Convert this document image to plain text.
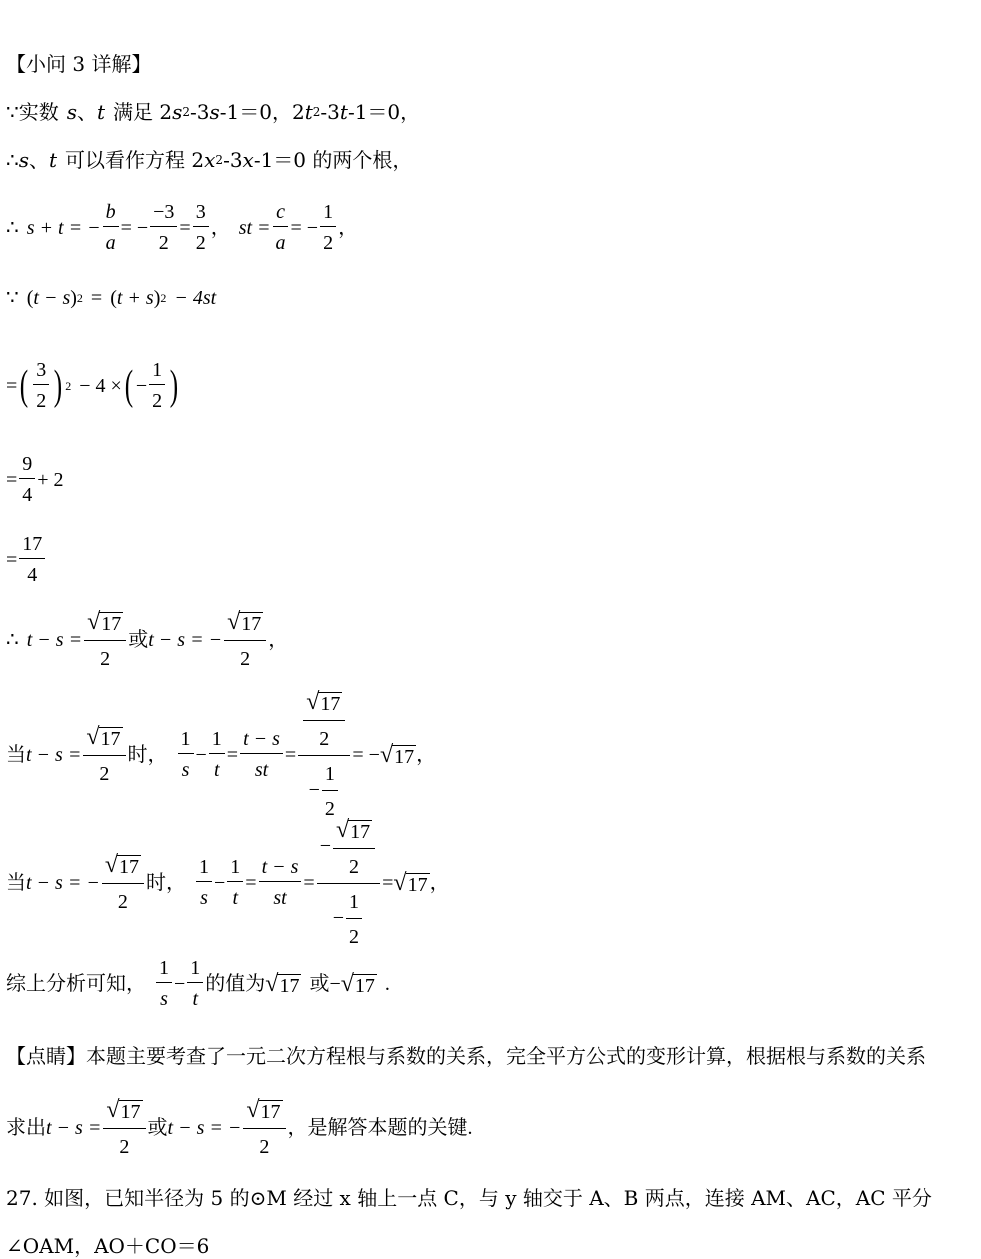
【小问 3 详解】
∵ 实数 s 、 t 满足 2 s 2 -3 s -1＝0，2 t 2 -3 t -1＝0，
∴ s 、 t 可以看作方程 2 x 2 -3 x -1＝0 的两个根，
∴ s + t = − $\frac{b}{a}$ = − $\frac{-3}{2} = \frac{3}{2}$ ， st = $\frac{c}{a}$ = − $\frac{1}{2}$ ，
∵ ( t − s ) 2 = ( t + s ) 2 − 4st
= ( $\frac{3}{2}$ ) 2 − 4 × ( − $\frac{1}{2}$ )
= $\frac{9}{4} + 2$
= $\frac{17}{4}$
∴ $t - s = \frac{√ 17}{2}$ 或 t − s = − $\frac{√ 17}{2}$ ，
当 $t - s = \frac{√ 17}{2}$ 时， $\frac{1}{s} - \frac{1}{t} = \frac{t - s}{st} = \frac{\frac{√ 17}{2}}{- \frac{1}{2}}$ = − √ 17 ，
当 t − s = − $\frac{√ 17}{2}$ 时， $\frac{1}{s} - \frac{1}{t} = \frac{t - s}{st} = \frac{- \frac{√ 17}{2}}{- \frac{1}{2}}$ = √ 17 ，
综上分析可知， $\frac{1}{s} - \frac{1}{t}$ 的值为 √ 17 或 − √ 17 .
【点睛】本题主要考查了一元二次方程根与系数的关系，完全平方公式的变形计算，根据根与系数的关系
求出 $t - s = \frac{√ 17}{2}$ 或 t − s = − $\frac{√ 17}{2}$ ，是解答本题的关键.
27. 如图，已知半径为 5 的⊙M 经过 x 轴上一点 C，与 y 轴交于 A、B 两点，连接 AM、AC，AC 平分
∠OAM，AO＋CO＝6
